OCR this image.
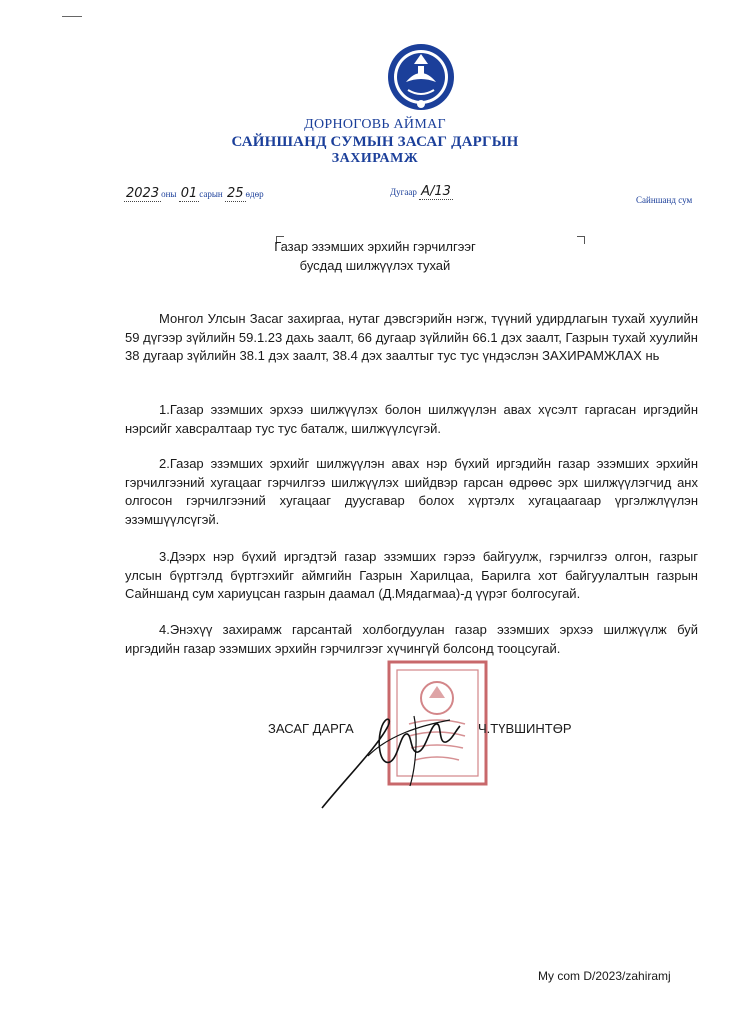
ДОРНОГОВЬ АЙМАГ
САЙНШАНД СУМЫН ЗАСАГ ДАРГЫН
ЗАХИРАМЖ
2023 оны 01 сарын 25 өдөр	Дугаар А/13
Сайншанд сум
Газар эзэмших эрхийн гэрчилгээг
бусдад шилжүүлэх тухай
Монгол Улсын Засаг захиргаа, нутаг дэвсгэрийн нэгж, түүний удирдлагын тухай хуулийн 59 дүгээр зүйлийн 59.1.23 дахь заалт, 66 дугаар зүйлийн 66.1 дэх заалт, Газрын тухай хуулийн 38 дугаар зүйлийн 38.1 дэх заалт, 38.4 дэх заалтыг тус тус үндэслэн ЗАХИРАМЖЛАХ нь
1.Газар эзэмших эрхээ шилжүүлэх болон шилжүүлэн авах хүсэлт гаргасан иргэдийн нэрсийг хавсралтаар тус тус баталж, шилжүүлсүгэй.
2.Газар эзэмших эрхийг шилжүүлэн авах нэр бүхий иргэдийн газар эзэмших эрхийн гэрчилгээний хугацааг гэрчилгээ шилжүүлэх шийдвэр гарсан өдрөөс эрх шилжүүлэгчид анх олгосон гэрчилгээний хугацааг дуусгавар болох хүртэлх хугацаагаар үргэлжлүүлэн эзэмшүүлсүгэй.
3.Дээрх нэр бүхий иргэдтэй газар эзэмших гэрээ байгуулж, гэрчилгээ олгон, газрыг улсын бүртгэлд бүртгэхийг аймгийн Газрын Харилцаа, Барилга хот байгуулалтын газрын Сайншанд сум хариуцсан газрын даамал (Д.Мядагмаа)-д үүрэг болгосугай.
4.Энэхүү захирамж гарсантай холбогдуулан газар эзэмших эрхээ шилжүүлж буй иргэдийн газар эзэмших эрхийн гэрчилгээг хүчингүй болсонд тооцсугай.
ЗАСАГ ДАРГА	Ч.ТҮВШИНТӨР
My com D/2023/zahiramj
